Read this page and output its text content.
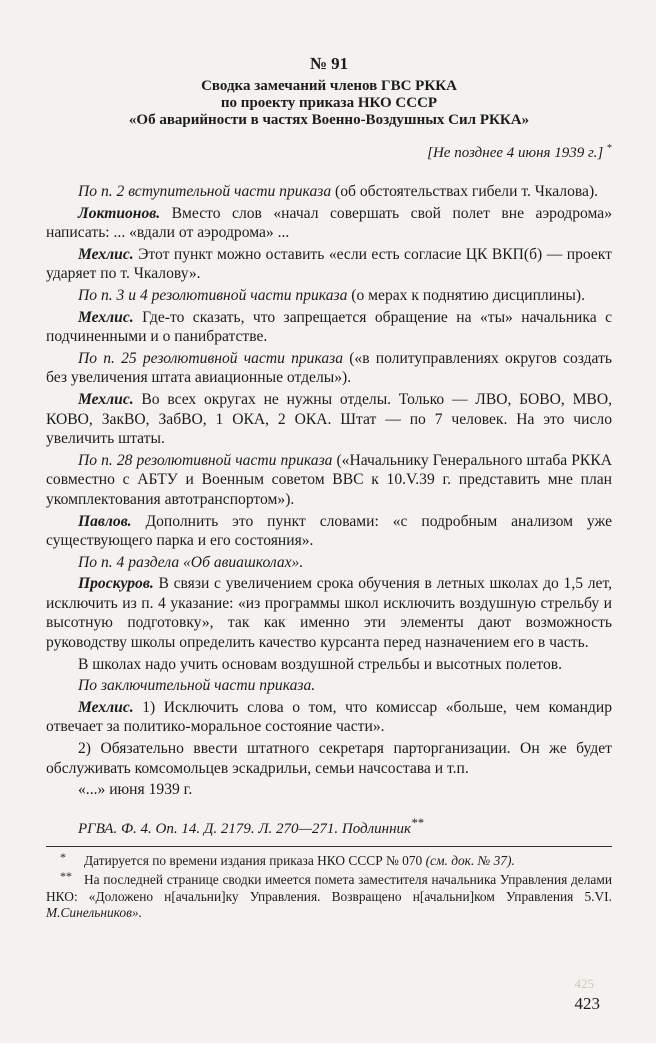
№ 91
Сводка замечаний членов ГВС РККА
по проекту приказа НКО СССР
«Об аварийности в частях Военно-Воздушных Сил РККА»
[Не позднее 4 июня 1939 г.] *
По п. 2 вступительной части приказа (об обстоятельствах гибели т. Чкалова).
Локтионов. Вместо слов «начал совершать свой полет вне аэродрома» написать: ... «вдали от аэродрома» ...
Мехлис. Этот пункт можно оставить «если есть согласие ЦК ВКП(б) — проект ударяет по т. Чкалову».
По п. 3 и 4 резолютивной части приказа (о мерах к поднятию дисциплины).
Мехлис. Где-то сказать, что запрещается обращение на «ты» начальника с подчиненными и о панибратстве.
По п. 25 резолютивной части приказа («в политуправлениях округов создать без увеличения штата авиационные отделы»).
Мехлис. Во всех округах не нужны отделы. Только — ЛВО, БОВО, МВО, КОВО, ЗакВО, ЗабВО, 1 ОКА, 2 ОКА. Штат — по 7 человек. На это число увеличить штаты.
По п. 28 резолютивной части приказа («Начальнику Генерального штаба РККА совместно с АБТУ и Военным советом ВВС к 10.V.39 г. представить мне план укомплектования автотранспортом»).
Павлов. Дополнить это пункт словами: «с подробным анализом уже существующего парка и его состояния».
По п. 4 раздела «Об авиашколах».
Проскуров. В связи с увеличением срока обучения в летных школах до 1,5 лет, исключить из п. 4 указание: «из программы школ исключить воздушную стрельбу и высотную подготовку», так как именно эти элементы дают возможность руководству школы определить качество курсанта перед назначением его в часть.
В школах надо учить основам воздушной стрельбы и высотных полетов.
По заключительной части приказа.
Мехлис. 1) Исключить слова о том, что комиссар «больше, чем командир отвечает за политико-моральное состояние части».
2) Обязательно ввести штатного секретаря парторганизации. Он же будет обслуживать комсомольцев эскадрильи, семьи начсостава и т.п.
«...» июня 1939 г.
РГВА. Ф. 4. Оп. 14. Д. 2179. Л. 270—271. Подлинник**
* Датируется по времени издания приказа НКО СССР № 070 (см. док. № 37).
** На последней странице сводки имеется помета заместителя начальника Управления делами НКО: «Доложено н[ачальни]ку Управления. Возвращено н[ачальни]ком Управления 5.VI. М.Синельников».
425
423
